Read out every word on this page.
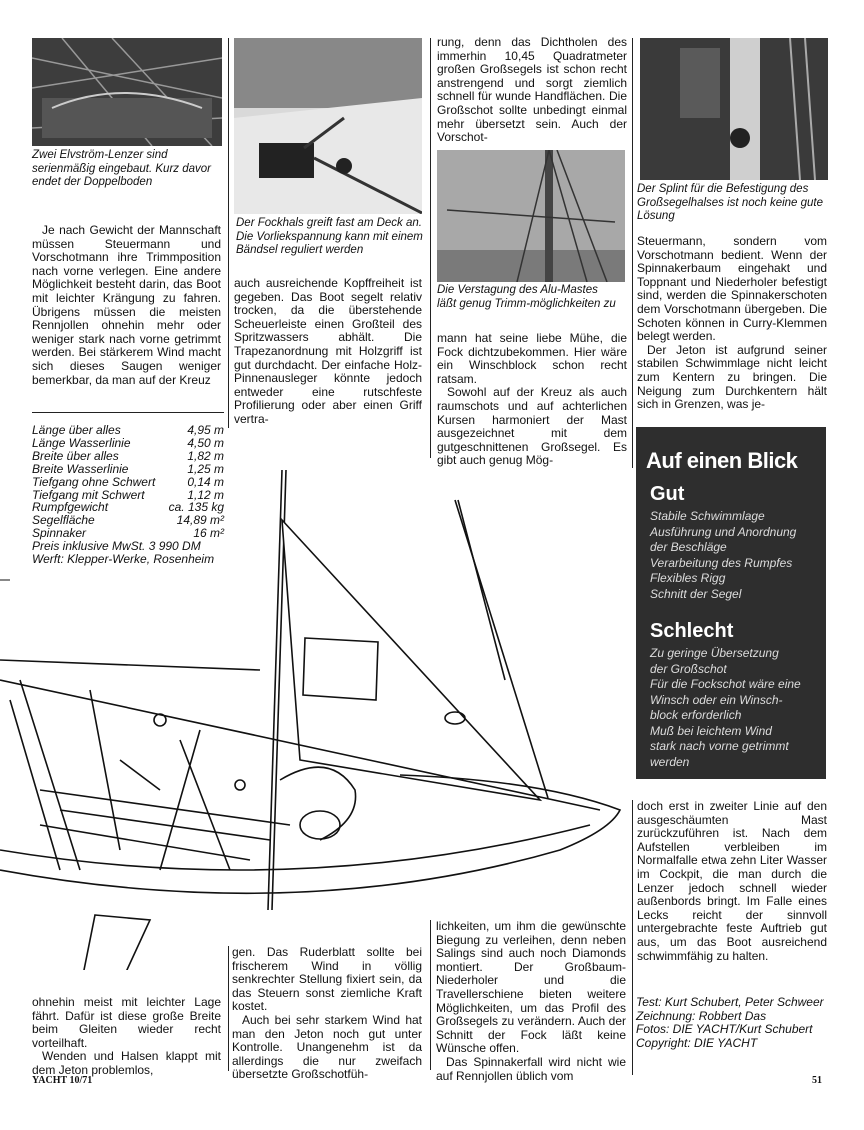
Zwei Elvström-Lenzer sind serienmäßig eingebaut. Kurz davor endet der Doppelboden
Der Fockhals greift fast am Deck an. Die Vorliekspannung kann mit einem Bändsel reguliert werden
Die Verstagung des Alu-Mastes läßt genug Trimm-möglichkeiten zu
Der Splint für die Befestigung des Großsegelhalses ist noch keine gute Lösung

Je nach Gewicht der Mannschaft müssen Steuermann und Vorschotmann ihre Trimmposition nach vorne verlegen. Eine andere Möglichkeit besteht darin, das Boot mit leichter Krängung zu fahren. Übrigens müssen die meisten Rennjollen ohnehin mehr oder weniger stark nach vorne getrimmt werden. Bei stärkerem Wind macht sich dieses Saugen weniger bemerkbar, da man auf der Kreuz

auch ausreichende Kopffreiheit ist gegeben. Das Boot segelt relativ trocken, da die überstehende Scheuerleiste einen Großteil des Spritzwassers abhält. Die Trapezanordnung mit Holzgriff ist gut durchdacht. Der einfache Holz-Pinnenausleger könnte jedoch entweder eine rutschfeste Profilierung oder aber einen Griff vertra-

rung, denn das Dichtholen des immerhin 10,45 Quadratmeter großen Großsegels ist schon recht anstrengend und sorgt ziemlich schnell für wunde Handflächen. Die Großschot sollte unbedingt einmal mehr übersetzt sein. Auch der Vorschot-

mann hat seine liebe Mühe, die Fock dichtzubekommen. Hier wäre ein Winschblock schon recht ratsam.

Sowohl auf der Kreuz als auch raumschots und auf achterlichen Kursen harmoniert der Mast ausgezeichnet mit dem gutgeschnittenen Großsegel. Es gibt auch genug Mög-

Steuermann, sondern vom Vorschotmann bedient. Wenn der Spinnakerbaum eingehakt und Toppnant und Niederholer befestigt sind, werden die Spinnakerschoten dem Vorschotmann übergeben. Die Schoten können in Curry-Klemmen belegt werden.

Der Jeton ist aufgrund seiner stabilen Schwimmlage nicht leicht zum Kentern zu bringen. Die Neigung zum Durchkentern hält sich in Grenzen, was je-

Länge über alles	4,95 m
Länge Wasserlinie	4,50 m
Breite über alles	1,82 m
Breite Wasserlinie	1,25 m
Tiefgang ohne Schwert	0,14 m
Tiefgang mit Schwert	1,12 m
Rumpfgewicht	ca. 135 kg
Segelfläche	14,89 m²
Spinnaker	16 m²
Preis inklusive MwSt. 3 990 DM
Werft: Klepper-Werke, Rosenheim
Auf einen Blick
Gut
Stabile Schwimmlage
Ausführung und Anordnung
der Beschläge
Verarbeitung des Rumpfes
Flexibles Rigg
Schnitt der Segel
Schlecht
Zu geringe Übersetzung
der Großschot
Für die Fockschot wäre eine
Winsch oder ein Winsch-
block erforderlich
Muß bei leichtem Wind
stark nach vorne getrimmt
werden

doch erst in zweiter Linie auf den ausgeschäumten Mast zurückzuführen ist. Nach dem Aufstellen verbleiben im Normalfalle etwa zehn Liter Wasser im Cockpit, die man durch die Lenzer jedoch schnell wieder außenbords bringt. Im Falle eines Lecks reicht der sinnvoll untergebrachte feste Auftrieb gut aus, um das Boot ausreichend schwimmfähig zu halten.

ohnehin meist mit leichter Lage fährt. Dafür ist diese große Breite beim Gleiten wieder recht vorteilhaft.

Wenden und Halsen klappt mit dem Jeton problemlos,

gen. Das Ruderblatt sollte bei frischerem Wind in völlig senkrechter Stellung fixiert sein, da das Steuern sonst ziemliche Kraft kostet.

Auch bei sehr starkem Wind hat man den Jeton noch gut unter Kontrolle. Unangenehm ist da allerdings die nur zweifach übersetzte Großschotfüh-

lichkeiten, um ihm die gewünschte Biegung zu verleihen, denn neben Salings sind auch noch Diamonds montiert. Der Großbaum-Niederholer und die Travellerschiene bieten weitere Möglichkeiten, um das Profil des Großsegels zu verändern. Auch der Schnitt der Fock läßt keine Wünsche offen.

Das Spinnakerfall wird nicht wie auf Rennjollen üblich vom

Test: Kurt Schubert, Peter Schweer
Zeichnung: Robbert Das
Fotos: DIE YACHT/Kurt Schubert
Copyright: DIE YACHT
YACHT 10/71	51
